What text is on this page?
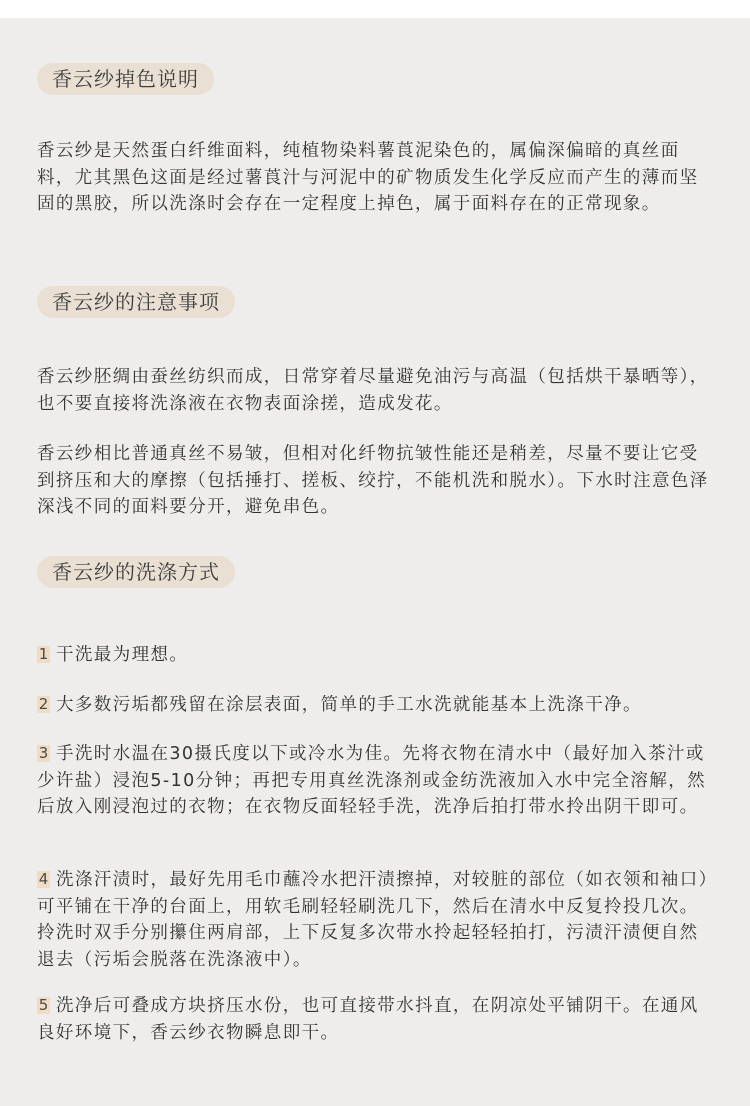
香云纱掉色说明

香云纱是天然蛋白纤维面料，纯植物染料薯莨泥染色的，属偏深偏暗的真丝面料，尤其黑色这面是经过薯莨汁与河泥中的矿物质发生化学反应而产生的薄而坚固的黑胶，所以洗涤时会存在一定程度上掉色，属于面料存在的正常现象。

香云纱的注意事项

香云纱胚绸由蚕丝纺织而成，日常穿着尽量避免油污与高温（包括烘干暴晒等），也不要直接将洗涤液在衣物表面涂搓，造成发花。

香云纱相比普通真丝不易皱，但相对化纤物抗皱性能还是稍差，尽量不要让它受到挤压和大的摩擦（包括捶打、搓板、绞拧，不能机洗和脱水）。下水时注意色泽深浅不同的面料要分开，避免串色。

香云纱的洗涤方式

1 干洗最为理想。

2 大多数污垢都残留在涂层表面，简单的手工水洗就能基本上洗涤干净。

3 手洗时水温在30摄氏度以下或冷水为佳。先将衣物在清水中（最好加入茶汁或少许盐）浸泡5-10分钟；再把专用真丝洗涤剂或金纺洗液加入水中完全溶解，然后放入刚浸泡过的衣物；在衣物反面轻轻手洗，洗净后拍打带水拎出阴干即可。

4 洗涤汗渍时，最好先用毛巾蘸冷水把汗渍擦掉，对较脏的部位（如衣领和袖口）可平铺在干净的台面上，用软毛刷轻轻刷洗几下，然后在清水中反复拎投几次。拎洗时双手分别攥住两肩部，上下反复多次带水拎起轻轻拍打，污渍汗渍便自然退去（污垢会脱落在洗涤液中）。

5 洗净后可叠成方块挤压水份，也可直接带水抖直，在阴凉处平铺阴干。在通风良好环境下，香云纱衣物瞬息即干。
